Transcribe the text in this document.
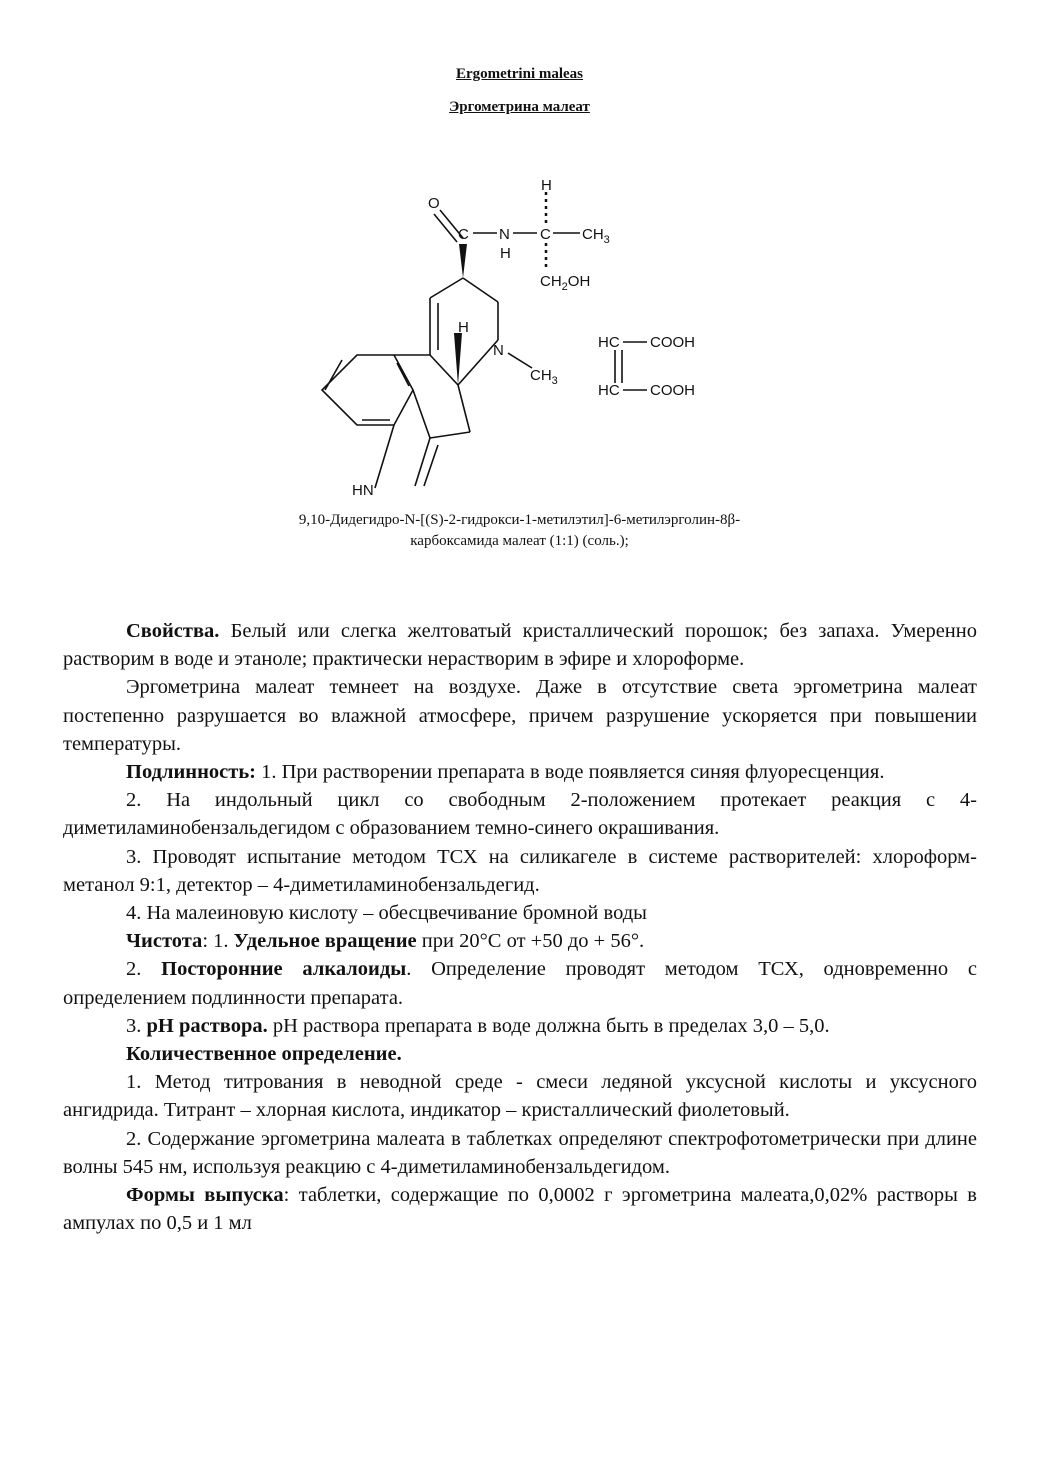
Ergometrini maleas
Эргометрина малеат
O
C N
H
H
C $CH_3$
$CH_2OH$
H
N
$CH_3$
HN
HC COOH
HC COOH
9,10-Дидегидро-N-[(S)-2-гидрокси-1-метилэтил]-6-метилэрголин-8β-
карбоксамида малеат (1:1) (соль.);

Свойства. Белый или слегка желтоватый кристаллический порошок; без запаха. Умеренно растворим в воде и этаноле; практически нерастворим в эфире и хлороформе.

Эргометрина малеат темнеет на воздухе. Даже в отсутствие света эргометрина малеат постепенно разрушается во влажной атмосфере, причем разрушение ускоряется при повышении температуры.

Подлинность: 1. При растворении препарата в воде появляется синяя флуоресценция.

2. На индольный цикл со свободным 2-положением протекает реакция с 4-диметиламинобензальдегидом с образованием темно-синего окрашивания.

3. Проводят испытание методом ТСХ на силикагеле в системе растворителей: хлороформ-метанол 9:1, детектор – 4-диметиламинобензальдегид.

4. На малеиновую кислоту – обесцвечивание бромной воды

Чистота: 1. Удельное вращение при 20°С от +50 до + 56°.

2. Посторонние алкалоиды. Определение проводят методом ТСХ, одновременно с определением подлинности препарата.

3. рН раствора. рН раствора препарата в воде должна быть в пределах 3,0 – 5,0.

Количественное определение.

1. Метод титрования в неводной среде - смеси ледяной уксусной кислоты и уксусного ангидрида. Титрант – хлорная кислота, индикатор – кристаллический фиолетовый.

2. Содержание эргометрина малеата в таблетках определяют спектрофотометрически при длине волны 545 нм, используя реакцию с 4-диметиламинобензальдегидом.

Формы выпуска: таблетки, содержащие по 0,0002 г эргометрина малеата,0,02% растворы в ампулах по 0,5 и 1 мл
